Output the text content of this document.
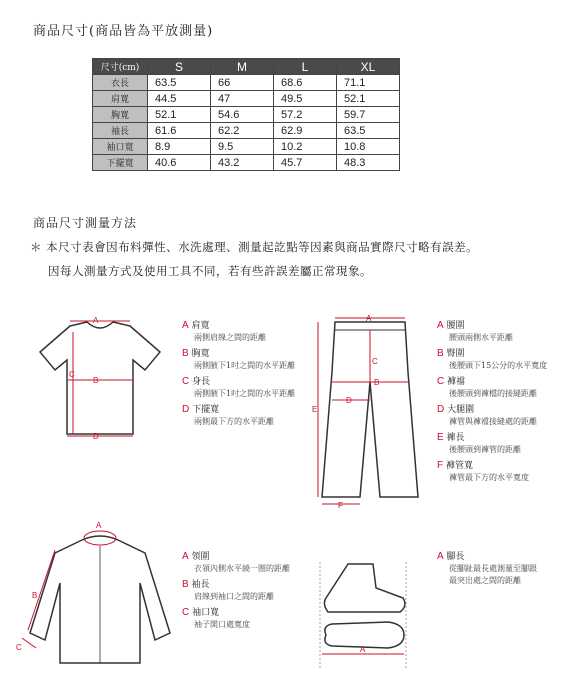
商品尺寸(商品皆為平放測量)
尺寸(cm)	S	M	L	XL
衣長	63.5	66	68.6	71.1
肩寬	44.5	47	49.5	52.1
胸寬	52.1	54.6	57.2	59.7
袖長	61.6	62.2	62.9	63.5
袖口寬	8.9	9.5	10.2	10.8
下擺寬	40.6	43.2	45.7	48.3
商品尺寸測量方法
＊ 本尺寸表會因布料彈性、水洗處理、測量起訖點等因素與商品實際尺寸略有誤差。
因每人測量方式及使用工具不同，若有些許誤差屬正常現象。
A
B
C
D
A 肩寬
兩側肩線之間的距離
B 胸寬
兩側腋下1吋之間的水平距離
C 身長
兩側腋下1吋之間的水平距離
D 下擺寬
兩側最下方的水平距離
A
B
C
D
E
F
A 腰圍
腰頭兩側水平距離
B 臀圍
後腰頭下15公分的水平寬度
C 褲襠
後腰頭到褲檔的接縫距離
D 大腿圍
褲管與褲襠接縫處的距離
E 褲長
後腰頭到褲管的距離
F 褲管寬
褲管最下方的水平寬度
A
B
C
A 領圍
衣領內側水平繞一圈的距離
B 袖長
肩線到袖口之間的距離
C 袖口寬
袖子開口處寬度
A
A 腳長
從腳趾最長處測量至腳跟
最突出處之間的距離
